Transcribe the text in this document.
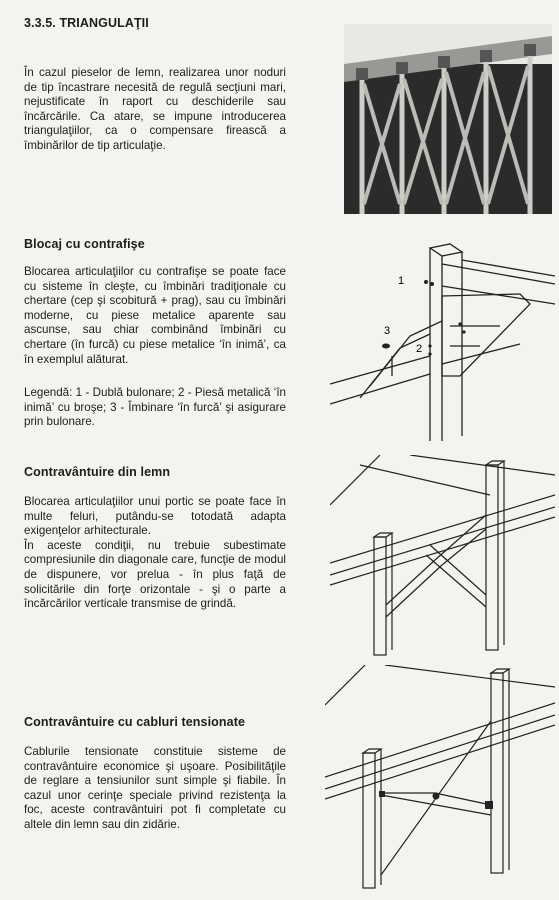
3.3.5. TRIANGULAŢII
În cazul pieselor de lemn, realizarea unor noduri de tip încastrare necesită de regulă secţiuni mari, nejustificate în raport cu deschiderile sau încărcările. Ca atare, se impune introducerea triangulaţiilor, ca o compensare firească a îmbinărilor de tip articulaţie.
Blocaj cu contrafişe
Blocarea articulaţiilor cu contrafişe se poate face cu sisteme în cleşte, cu îmbinări tradiţionale cu chertare (cep şi scobitură + prag), sau cu îmbinări moderne, cu piese metalice aparente sau ascunse, sau chiar combinând îmbinări cu chertare (în furcă) cu piese metalice ‘în inimă’, ca în exemplul alăturat.
Legendă: 1 - Dublă bulonare; 2 - Piesă metalică ‘în inimă’ cu broşe; 3 - Îmbinare ‘în furcă’ şi asigurare prin bulonare.
1
2
3
Contravântuire din lemn
Blocarea articulaţiilor unui portic se poate face în multe feluri, putându-se totodată adapta exigenţelor arhitecturale.
În aceste condiţii, nu trebuie subestimate compresiunile din diagonale care, funcţie de modul de dispunere, vor prelua - în plus faţă de solicitările din forţe orizontale - şi o parte a încărcărilor verticale transmise de grindă.
Contravântuire cu cabluri tensionate
Cablurile tensionate constituie sisteme de contravântuire economice şi uşoare. Posibilităţile de reglare a tensiunilor sunt simple şi fiabile. În cazul unor cerinţe speciale privind rezistenţa la foc, aceste contravântuiri pot fi completate cu altele din lemn sau din zidărie.
